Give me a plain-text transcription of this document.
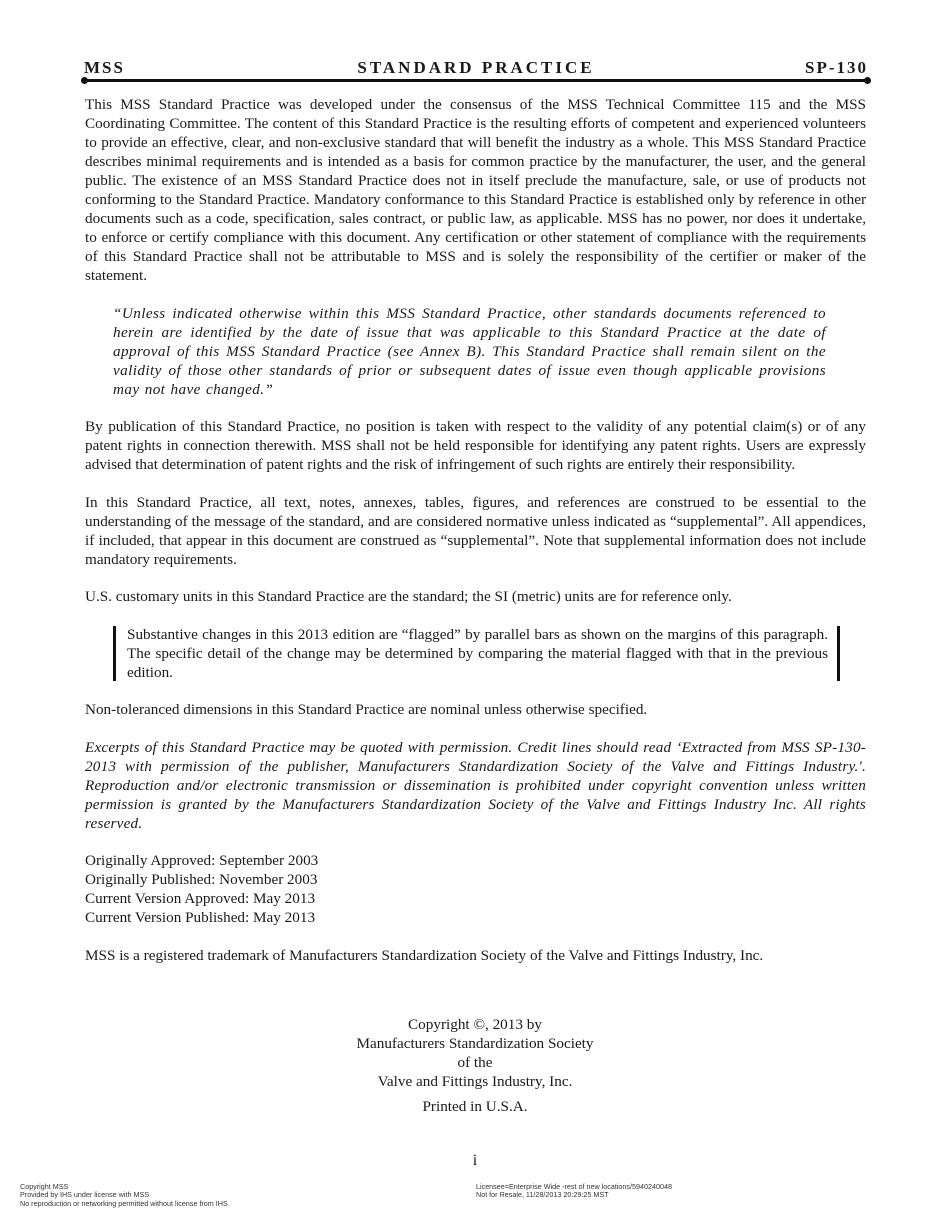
STANDARD PRACTICE
MSS	SP-130

This MSS Standard Practice was developed under the consensus of the MSS Technical Committee 115 and the MSS Coordinating Committee. The content of this Standard Practice is the resulting efforts of competent and experienced volunteers to provide an effective, clear, and non-exclusive standard that will benefit the industry as a whole. This MSS Standard Practice describes minimal requirements and is intended as a basis for common practice by the manufacturer, the user, and the general public. The existence of an MSS Standard Practice does not in itself preclude the manufacture, sale, or use of products not conforming to the Standard Practice. Mandatory conformance to this Standard Practice is established only by reference in other documents such as a code, specification, sales contract, or public law, as applicable. MSS has no power, nor does it undertake, to enforce or certify compliance with this document. Any certification or other statement of compliance with the requirements of this Standard Practice shall not be attributable to MSS and is solely the responsibility of the certifier or maker of the statement.

“Unless indicated otherwise within this MSS Standard Practice, other standards documents referenced to herein are identified by the date of issue that was applicable to this Standard Practice at the date of approval of this MSS Standard Practice (see Annex B). This Standard Practice shall remain silent on the validity of those other standards of prior or subsequent dates of issue even though applicable provisions may not have changed.”

By publication of this Standard Practice, no position is taken with respect to the validity of any potential claim(s) or of any patent rights in connection therewith. MSS shall not be held responsible for identifying any patent rights. Users are expressly advised that determination of patent rights and the risk of infringement of such rights are entirely their responsibility.

In this Standard Practice, all text, notes, annexes, tables, figures, and references are construed to be essential to the understanding of the message of the standard, and are considered normative unless indicated as “supplemental”. All appendices, if included, that appear in this document are construed as “supplemental”. Note that supplemental information does not include mandatory requirements.

U.S. customary units in this Standard Practice are the standard; the SI (metric) units are for reference only.

Substantive changes in this 2013 edition are “flagged” by parallel bars as shown on the margins of this paragraph. The specific detail of the change may be determined by comparing the material flagged with that in the previous edition.

Non-toleranced dimensions in this Standard Practice are nominal unless otherwise specified.

Excerpts of this Standard Practice may be quoted with permission. Credit lines should read ‘Extracted from MSS SP-130-2013 with permission of the publisher, Manufacturers Standardization Society of the Valve and Fittings Industry.'. Reproduction and/or electronic transmission or dissemination is prohibited under copyright convention unless written permission is granted by the Manufacturers Standardization Society of the Valve and Fittings Industry Inc. All rights reserved.

Originally Approved: September 2003
Originally Published: November 2003
Current Version Approved: May 2013
Current Version Published: May 2013

MSS is a registered trademark of Manufacturers Standardization Society of the Valve and Fittings Industry, Inc.

Copyright ©, 2013 by
Manufacturers Standardization Society
of the
Valve and Fittings Industry, Inc.
Printed in U.S.A.
i
Copyright MSS
Provided by IHS under license with MSS
No reproduction or networking permitted without license from IHS
Licensee=Enterprise Wide -rest of new locations/5940240048
Not for Resale, 11/28/2013 20:29:25 MST
